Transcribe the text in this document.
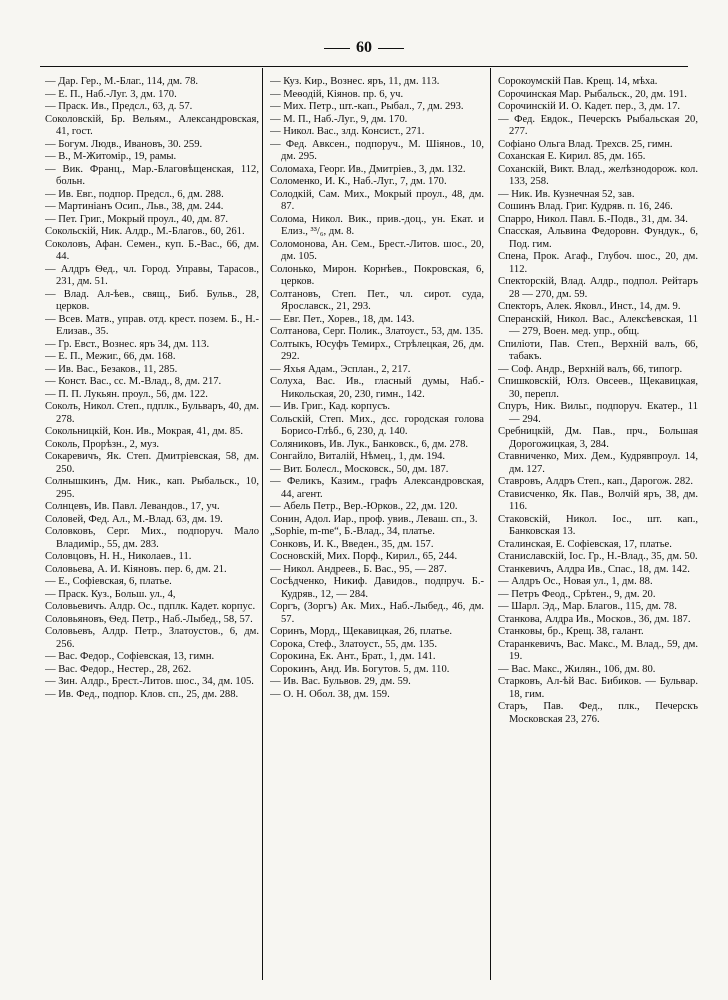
60

— Дар. Гер., М.-Благ., 114, дм. 78.

— Е. П., Наб.-Луг. 3, дм. 170.

— Праск. Ив., Предсл., 63, д. 57.

Соколовскій, Бр. Вельям., Александровская, 41, гост.

— Богум. Людв., Ивановъ, 30. 259.

— В., М-Житомір., 19, рамы.

— Вик. Франц., Мар.-Благовѣщенская, 112, больн.

— Ив. Евг., подпор. Предсл., 6, дм. 288.

— Мартиніанъ Осип., Льв., 38, дм. 244.

— Пет. Григ., Мокрый проул., 40, дм. 87.

Сокольскій, Ник. Алдр., М.-Благов., 60, 261.

Соколовъ, Афан. Семен., куп. Б.-Вас., 66, дм. 44.

— Алдръ Ѳед., чл. Город. Управы, Тарасов., 231, дм. 51.

— Влад. Ал-ѣев., свящ., Биб. Бульв., 28, церков.

— Всев. Матв., управ. отд. крест. позем. Б., Н.-Елизав., 35.

— Гр. Евст., Вознес. яръ 34, дм. 113.

— Е. П., Межиг., 66, дм. 168.

— Ив. Вас., Безаков., 11, 285.

— Конст. Вас., сс. М.-Влад., 8, дм. 217.

— П. П. Лукьян. проул., 56, дм. 122.

Соколъ, Никол. Степ., пдплк., Бульваръ, 40, дм. 278.

Сокольницкій, Кон. Ив., Мокрая, 41, дм. 85.

Соколь, Прорѣзн., 2, муз.

Сокаревичъ, Як. Степ. Дмитріевская, 58, дм. 250.

Солнышкинъ, Дм. Ник., кап. Рыбальск., 10, 295.

Солнцевъ, Ив. Павл. Левандов., 17, уч.

Соловей, Фед. Ал., М.-Влад. 63, дм. 19.

Соловковъ, Серг. Мих., подпоруч. Мало Владимір., 55, дм. 283.

Соловцовъ, Н. Н., Николаев., 11.

Соловьева, А. И. Кіяновъ. пер. 6, дм. 21.

— Е., Софіевская, 6, платье.

— Праск. Куз., Больш. ул., 4,

Соловьевичъ. Алдр. Ос., пдплк. Кадет. корпус.

Соловьяновъ, Ѳед. Петр., Наб.-Лыбед., 58, 57.

Соловьевъ, Алдр. Петр., Златоустов., 6, дм. 256.

— Вас. Федор., Софіевская, 13, гимн.

— Вас. Федор., Нестер., 28, 262.

— Зин. Алдр., Брест.-Литов. шос., 34, дм. 105.

— Ив. Фед., подпор. Клов. сп., 25, дм. 288.

— Куз. Кир., Вознес. яръ, 11, дм. 113.

— Меѳодій, Кіянов. пр. 6, уч.

— Мих. Петр., шт.-кап., Рыбал., 7, дм. 293.

— М. П., Наб.-Луг., 9, дм. 170.

— Никол. Вас., злд. Консист., 271.

— Фед. Авксен., подпоруч., М. Шіянов., 10, дм. 295.

Соломаха, Георг. Ив., Дмитріев., 3, дм. 132.

Соломенко, И. К., Наб.-Луг., 7, дм. 170.

Солодкій, Сам. Мих., Мокрый проул., 48, дм. 87.

Солома, Никол. Вик., прив.-доц., ун. Екат. и Елиз., ³³/₆, дм. 8.

Соломонова, Ан. Сем., Брест.-Литов. шос., 20, дм. 105.

Солонько, Мирон. Корнѣев., Покровская, 6, церков.

Солтановъ, Степ. Пет., чл. сирот. суда, Ярославск., 21, 293.

— Евг. Пет., Хорев., 18, дм. 143.

Солтанова, Серг. Полик., Златоуст., 53, дм. 135.

Солтыкъ, Юсуфъ Темирх., Стрѣлецкая, 26, дм. 292.

— Яхья Адам., Эсплан., 2, 217.

Солуха, Вас. Ив., гласный думы, Наб.-Никольская, 20, 230, гимн., 142.

— Ив. Григ., Кад. корпусъ.

Сольскій, Степ. Мих., дсс. городская голова Борисо-Глѣб., 6, 230, д. 140.

Соляниковъ, Ив. Лук., Банковск., 6, дм. 278.

Сонгайло, Виталій, Нѣмец., 1, дм. 194.

— Вит. Болесл., Московск., 50, дм. 187.

— Феликъ, Казим., графъ Александровская, 44, агент.

— Абель Петр., Вер.-Юрков., 22, дм. 120.

Сонин, Адол. Иар., проф. увив., Леваш. сп., 3.

„Sophie, m-me“, Б.-Влад., 34, платье.

Сонковъ, И. К., Введен., 35, дм. 157.

Сосновскій, Мих. Порф., Кирил., 65, 244.

— Никол. Андреев., Б. Вас., 95, — 287.

Сосѣдченко, Никиф. Давидов., подпруч. Б.-Кудряв., 12, — 284.

Соргъ, (Зоргъ) Ак. Мих., Наб.-Лыбед., 46, дм. 57.

Соринъ, Морд., Щекавицкая, 26, платье.

Сорока, Стеф., Златоуст., 55, дм. 135.

Сорокина, Ек. Ант., Брат., 1, дм. 141.

Сорокинъ, Анд. Ив. Богутов. 5, дм. 110.

— Ив. Вас. Бульвов. 29, дм. 59.

— О. Н. Обол. 38, дм. 159.

Сорокоумскій Пав. Крещ. 14, мѣха.

Сорочинская Мар. Рыбальск., 20, дм. 191.

Сорочинскій И. О. Кадет. пер., 3, дм. 17.

— Фед. Евдок., Печерскъ Рыбальская 20, 277.

Софіано Ольга Влад. Трехсв. 25, гимн.

Соханская Е. Кирил. 85, дм. 165.

Соханскій, Викт. Влад., желѣзнодорож. кол. 133, 258.

— Ник. Ив. Кузнечная 52, зав.

Сошинъ Влад. Григ. Кудряв. п. 16, 246.

Спарро, Никол. Павл. Б.-Подв., 31, дм. 34.

Спасская, Альвина Федоровн. Фундук., 6, Под. гим.

Спена, Прок. Агаф., Глубоч. шос., 20, дм. 112.

Спекторскій, Влад. Алдр., подпол. Рейтаръ 28 — 270, дм. 59.

Спекторъ, Алек. Яковл., Инст., 14, дм. 9.

Сперанскій, Никол. Вас., Алексѣевская, 11 — 279, Воен. мед. упр., общ.

Спиліоти, Пав. Степ., Верхній валъ, 66, табакъ.

— Соф. Андр., Верхній валъ, 66, типогр.

Спишковскій, Юлз. Овсеев., Щекавицкая, 30, перепл.

Спуръ, Ник. Вильг., подпоруч. Екатер., 11 — 294.

Сребницкій, Дм. Пав., прч., Большая Дорогожицкая, 3, 284.

Ставниченко, Мих. Дем., Кудрявпроул. 14, дм. 127.

Ставровъ, Алдръ Степ., кап., Дарогож. 282.

Стависченко, Як. Пав., Волчій яръ, 38, дм. 116.

Стаковскій, Никол. Іос., шт. кап., Банковская 13.

Сталинская, Е. Софіевская, 17, платье.

Станиславскій, Іос. Гр., Н.-Влад., 35, дм. 50.

Станкевичъ, Алдра Ив., Спас., 18, дм. 142.

— Алдръ Ос., Новая ул., 1, дм. 88.

— Петръ Феод., Срѣтен., 9, дм. 20.

— Шарл. Эд., Мар. Благов., 115, дм. 78.

Станкова, Алдра Ив., Москов., 36, дм. 187.

Станковы, бр., Крещ. 38, галант.

Старанкевичъ, Вас. Макс., М. Влад., 59, дм. 19.

— Вас. Макс., Жилян., 106, дм. 80.

Старковъ, Ал-ѣй Вас. Бибиков. — Бульвар. 18, гим.

Старъ, Пав. Фед., плк., Печерскъ Московская 23, 276.
